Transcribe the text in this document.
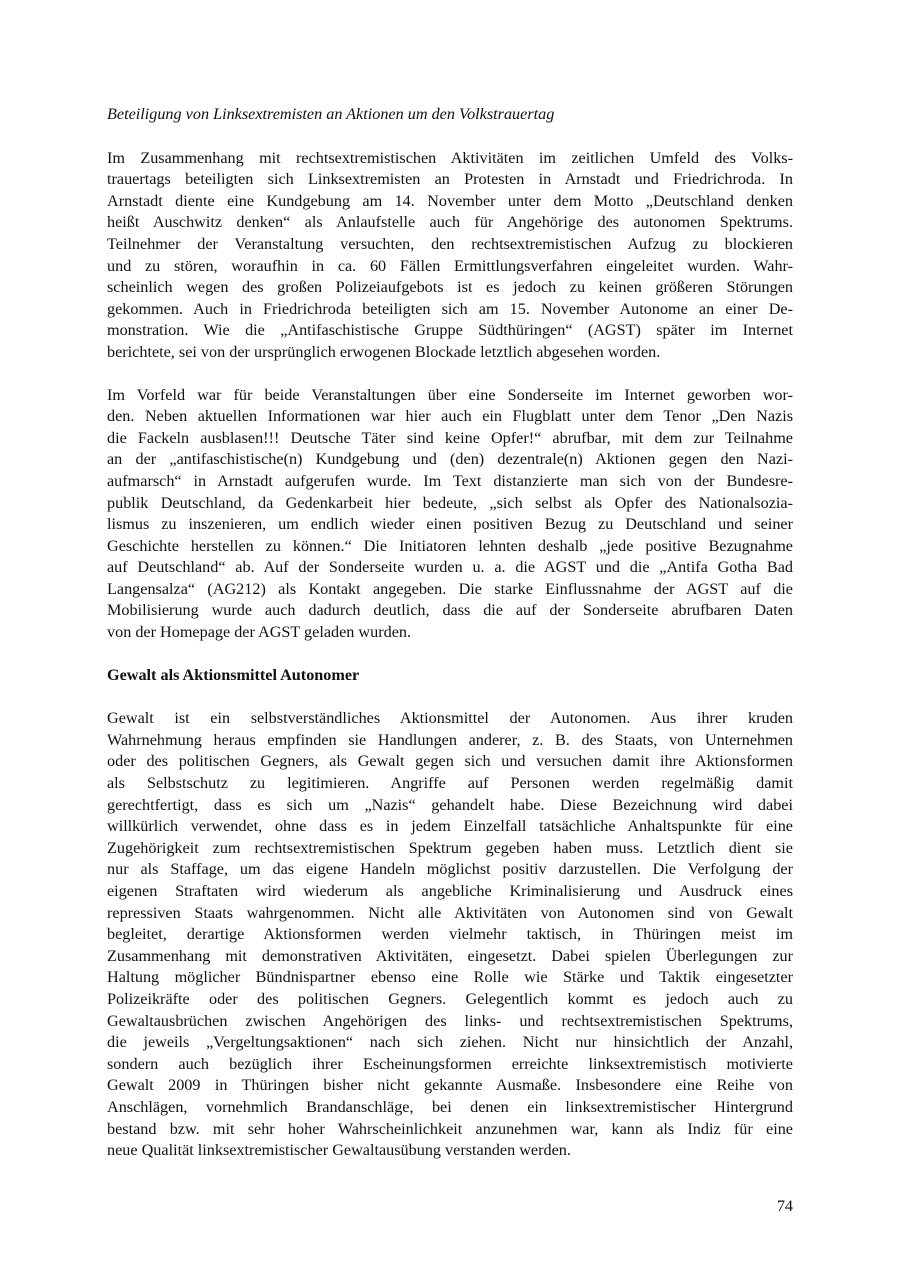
Beteiligung von Linksextremisten an Aktionen um den Volkstrauertag

Im Zusammenhang mit rechtsextremistischen Aktivitäten im zeitlichen Umfeld des Volks-
trauertags beteiligten sich Linksextremisten an Protesten in Arnstadt und Friedrichroda. In
Arnstadt diente eine Kundgebung am 14. November unter dem Motto „Deutschland denken
heißt Auschwitz denken“ als Anlaufstelle auch für Angehörige des autonomen Spektrums.
Teilnehmer der Veranstaltung versuchten, den rechtsextremistischen Aufzug zu blockieren
und zu stören, woraufhin in ca. 60 Fällen Ermittlungsverfahren eingeleitet wurden. Wahr-
scheinlich wegen des großen Polizeiaufgebots ist es jedoch zu keinen größeren Störungen
gekommen. Auch in Friedrichroda beteiligten sich am 15. November Autonome an einer De-
monstration. Wie die „Antifaschistische Gruppe Südthüringen“ (AGST) später im Internet
berichtete, sei von der ursprünglich erwogenen Blockade letztlich abgesehen worden.

Im Vorfeld war für beide Veranstaltungen über eine Sonderseite im Internet geworben wor-
den. Neben aktuellen Informationen war hier auch ein Flugblatt unter dem Tenor „Den Nazis
die Fackeln ausblasen!!! Deutsche Täter sind keine Opfer!“ abrufbar, mit dem zur Teilnahme
an der „antifaschistische(n) Kundgebung und (den) dezentrale(n) Aktionen gegen den Nazi-
aufmarsch“ in Arnstadt aufgerufen wurde. Im Text distanzierte man sich von der Bundesre-
publik Deutschland, da Gedenkarbeit hier bedeute, „sich selbst als Opfer des Nationalsozia-
lismus zu inszenieren, um endlich wieder einen positiven Bezug zu Deutschland und seiner
Geschichte herstellen zu können.“ Die Initiatoren lehnten deshalb „jede positive Bezugnahme
auf Deutschland“ ab. Auf der Sonderseite wurden u. a. die AGST und die „Antifa Gotha Bad
Langensalza“ (AG212) als Kontakt angegeben. Die starke Einflussnahme der AGST auf die
Mobilisierung wurde auch dadurch deutlich, dass die auf der Sonderseite abrufbaren Daten
von der Homepage der AGST geladen wurden.

Gewalt als Aktionsmittel Autonomer

Gewalt ist ein selbstverständliches Aktionsmittel der Autonomen. Aus ihrer kruden
Wahrnehmung heraus empfinden sie Handlungen anderer, z. B. des Staats, von Unternehmen
oder des politischen Gegners, als Gewalt gegen sich und versuchen damit ihre Aktionsformen
als Selbstschutz zu legitimieren. Angriffe auf Personen werden regelmäßig damit
gerechtfertigt, dass es sich um „Nazis“ gehandelt habe. Diese Bezeichnung wird dabei
willkürlich verwendet, ohne dass es in jedem Einzelfall tatsächliche Anhaltspunkte für eine
Zugehörigkeit zum rechtsextremistischen Spektrum gegeben haben muss. Letztlich dient sie
nur als Staffage, um das eigene Handeln möglichst positiv darzustellen. Die Verfolgung der
eigenen Straftaten wird wiederum als angebliche Kriminalisierung und Ausdruck eines
repressiven Staats wahrgenommen. Nicht alle Aktivitäten von Autonomen sind von Gewalt
begleitet, derartige Aktionsformen werden vielmehr taktisch, in Thüringen meist im
Zusammenhang mit demonstrativen Aktivitäten, eingesetzt. Dabei spielen Überlegungen zur
Haltung möglicher Bündnispartner ebenso eine Rolle wie Stärke und Taktik eingesetzter
Polizeikräfte oder des politischen Gegners. Gelegentlich kommt es jedoch auch zu
Gewaltausbrüchen zwischen Angehörigen des links- und rechtsextremistischen Spektrums,
die jeweils „Vergeltungsaktionen“ nach sich ziehen. Nicht nur hinsichtlich der Anzahl,
sondern auch bezüglich ihrer Escheinungsformen erreichte linksextremistisch motivierte
Gewalt 2009 in Thüringen bisher nicht gekannte Ausmaße. Insbesondere eine Reihe von
Anschlägen, vornehmlich Brandanschläge, bei denen ein linksextremistischer Hintergrund
bestand bzw. mit sehr hoher Wahrscheinlichkeit anzunehmen war, kann als Indiz für eine
neue Qualität linksextremistischer Gewaltausübung verstanden werden.

74
